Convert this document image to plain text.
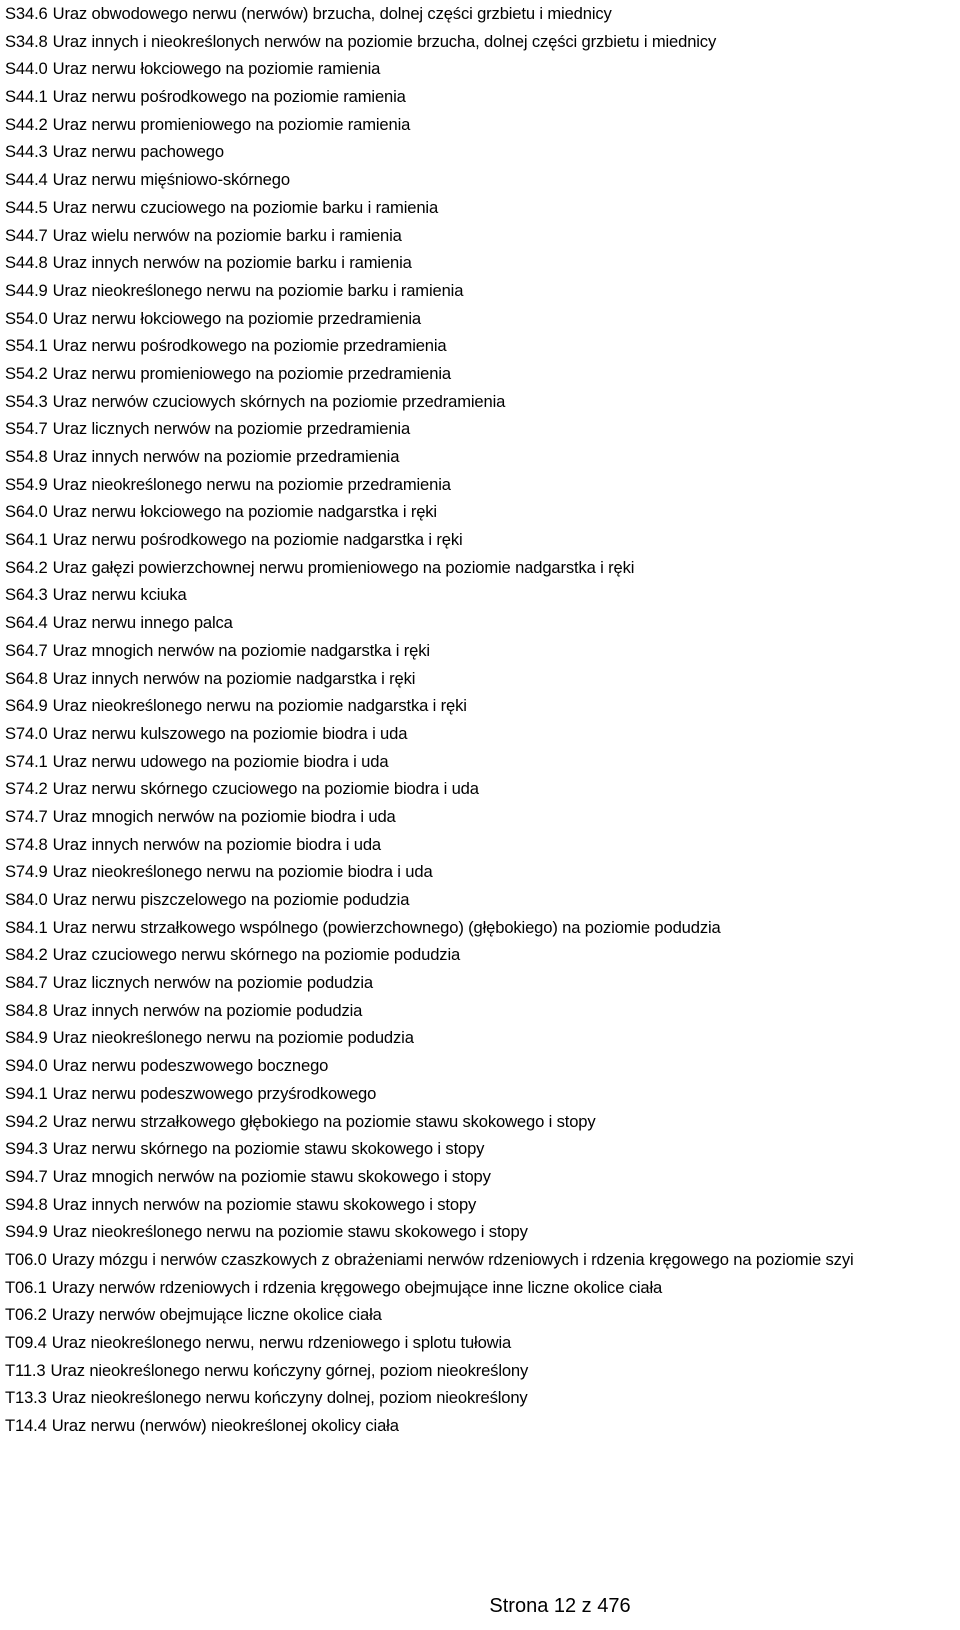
S34.6 Uraz obwodowego nerwu (nerwów) brzucha, dolnej części grzbietu i miednicy
S34.8 Uraz innych i nieokreślonych nerwów na poziomie brzucha, dolnej części grzbietu i miednicy
S44.0 Uraz nerwu łokciowego na poziomie ramienia
S44.1 Uraz nerwu pośrodkowego na poziomie ramienia
S44.2 Uraz nerwu promieniowego na poziomie ramienia
S44.3 Uraz nerwu pachowego
S44.4 Uraz nerwu mięśniowo-skórnego
S44.5 Uraz nerwu czuciowego na poziomie barku i ramienia
S44.7 Uraz wielu nerwów na poziomie barku i ramienia
S44.8 Uraz innych nerwów na poziomie barku i ramienia
S44.9 Uraz nieokreślonego nerwu na poziomie barku i ramienia
S54.0 Uraz nerwu łokciowego na poziomie przedramienia
S54.1 Uraz nerwu pośrodkowego na poziomie przedramienia
S54.2 Uraz nerwu promieniowego na poziomie przedramienia
S54.3 Uraz nerwów czuciowych skórnych na poziomie przedramienia
S54.7 Uraz licznych nerwów na poziomie przedramienia
S54.8 Uraz innych nerwów na poziomie przedramienia
S54.9 Uraz nieokreślonego nerwu na poziomie przedramienia
S64.0 Uraz nerwu łokciowego na poziomie nadgarstka i ręki
S64.1 Uraz nerwu pośrodkowego na poziomie nadgarstka i ręki
S64.2 Uraz gałęzi powierzchownej nerwu promieniowego na poziomie nadgarstka i ręki
S64.3 Uraz nerwu kciuka
S64.4 Uraz nerwu innego palca
S64.7 Uraz mnogich nerwów na poziomie nadgarstka i ręki
S64.8 Uraz innych nerwów na poziomie nadgarstka i ręki
S64.9 Uraz nieokreślonego nerwu na poziomie nadgarstka i ręki
S74.0 Uraz nerwu kulszowego na poziomie biodra i uda
S74.1 Uraz nerwu udowego na poziomie biodra i uda
S74.2 Uraz nerwu skórnego czuciowego na poziomie biodra i uda
S74.7 Uraz mnogich nerwów na poziomie biodra i uda
S74.8 Uraz innych nerwów na poziomie biodra i uda
S74.9 Uraz nieokreślonego nerwu na poziomie biodra i uda
S84.0 Uraz nerwu piszczelowego na poziomie podudzia
S84.1 Uraz nerwu strzałkowego wspólnego (powierzchownego) (głębokiego) na poziomie podudzia
S84.2 Uraz czuciowego nerwu skórnego na poziomie podudzia
S84.7 Uraz licznych nerwów na poziomie podudzia
S84.8 Uraz innych nerwów na poziomie podudzia
S84.9 Uraz nieokreślonego nerwu na poziomie podudzia
S94.0 Uraz nerwu podeszwowego bocznego
S94.1 Uraz nerwu podeszwowego przyśrodkowego
S94.2 Uraz nerwu strzałkowego głębokiego na poziomie stawu skokowego i stopy
S94.3 Uraz nerwu skórnego na poziomie stawu skokowego i stopy
S94.7 Uraz mnogich nerwów na poziomie stawu skokowego i stopy
S94.8 Uraz innych nerwów na poziomie stawu skokowego i stopy
S94.9 Uraz nieokreślonego nerwu na poziomie stawu skokowego i stopy
T06.0 Urazy mózgu i nerwów czaszkowych z obrażeniami nerwów rdzeniowych i rdzenia kręgowego na poziomie szyi
T06.1 Urazy nerwów rdzeniowych i rdzenia kręgowego obejmujące inne liczne okolice ciała
T06.2 Urazy nerwów obejmujące liczne okolice ciała
T09.4 Uraz nieokreślonego nerwu, nerwu rdzeniowego i splotu tułowia
T11.3 Uraz nieokreślonego nerwu kończyny górnej, poziom nieokreślony
T13.3 Uraz nieokreślonego nerwu kończyny dolnej, poziom nieokreślony
T14.4 Uraz nerwu (nerwów) nieokreślonej okolicy ciała
Strona 12 z 476
